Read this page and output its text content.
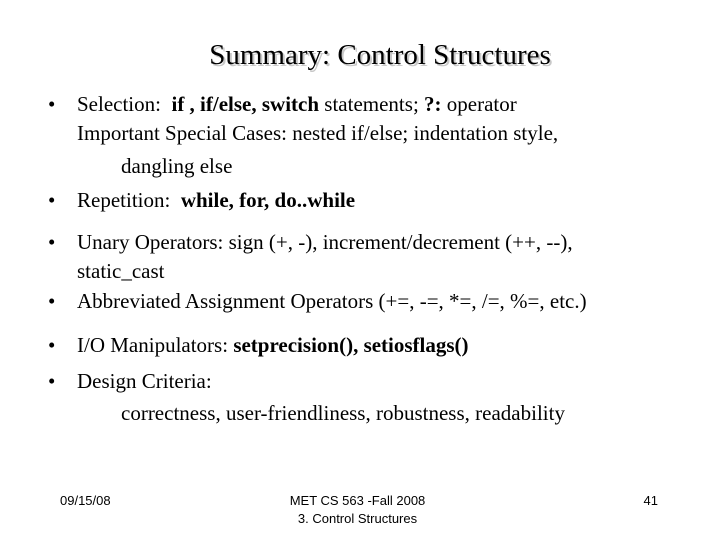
Summary: Control Structures
• Selection: if , if/else, switch statements; ?: operator
Important Special Cases: nested if/else; indentation style,
dangling else
• Repetition: while, for, do..while
• Unary Operators: sign (+, -), increment/decrement (++, --),
static_cast
• Abbreviated Assignment Operators (+=, -=, *=, /=, %=, etc.)
• I/O Manipulators: setprecision(), setiosflags()
• Design Criteria:
correctness, user-friendliness, robustness, readability
09/15/08	MET CS 563 -Fall 2008
3. Control Structures
41
